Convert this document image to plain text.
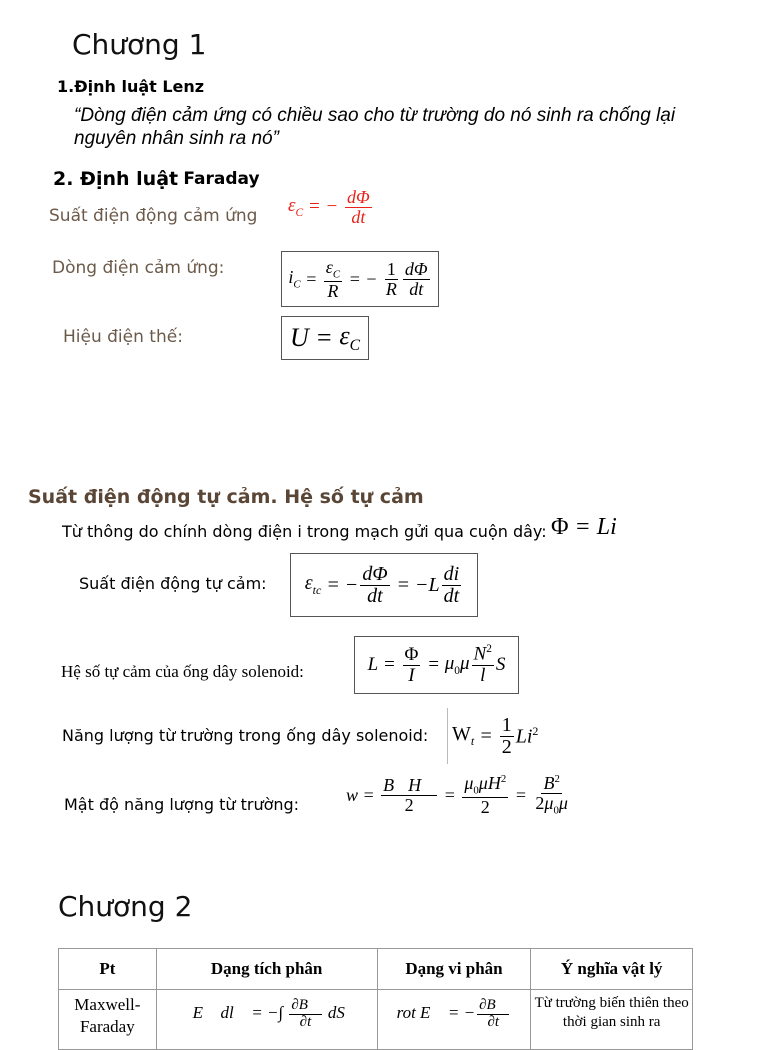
Chương 1
1.Định luật Lenz
“Dòng điện cảm ứng có chiều sao cho từ trường do nó sinh ra chống lại nguyên nhân sinh ra nó”
2. Định luật
Faraday
Suất điện động cảm ứng $\varepsilon_C$ = − $\frac{d\Phi}{dt}$
Dòng điện cảm ứng:	$i_C = \frac{\varepsilon_C}{R}$ = − $\frac{1}{R} \frac{d\Phi}{dt}$
Hiệu điện thế:	$U = \varepsilon_C$
Suất điện động tự cảm. Hệ số tự cảm
Từ thông do chính dòng điện i trong mạch gửi qua cuộn dây: Φ = Li
Suất điện động tự cảm: $\varepsilon_{tc}$ = − $\frac{d\Phi}{dt} = -L \frac{di}{dt}$
Hệ số tự cảm của ống dây solenoid:	$L = \frac{\Phi}{I} = \mu_0\mu \frac{N^2}{l}$ S
Năng lượng từ trường trong ống dây solenoid: $W_t = \frac{1}{2} Li^2$
Mật độ năng lượng từ trường:	$w = \frac{B⃗H⃗}{2} = \frac{\mu_0\mu H^2}{2} = \frac{B^2}{2\mu_0\mu}$
Chương 2
Pt	Dạng tích phân	Dạng vi phân	Ý nghĩa vật lý
Maxwell-Faraday	∮ E⃗ dl⃗ = −∫ $\frac{\partial B⃗}{\partial t}$ dS⃗	rot E⃗ = − $\frac{\partial B⃗}{\partial t}$	Từ trường biến thiên theo thời gian sinh ra
